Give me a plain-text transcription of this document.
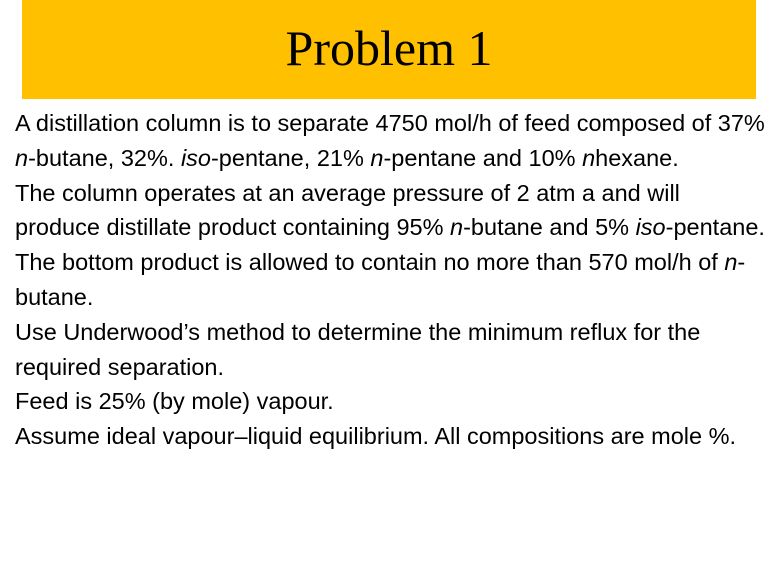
Problem 1

A distillation column is to separate 4750 mol/h of feed composed of 37% n-butane, 32%. iso-pentane, 21% n-pentane and 10% nhexane.

The column operates at an average pressure of 2 atm a and will produce distillate product containing 95% n-butane and 5% iso-pentane.

The bottom product is allowed to contain no more than 570 mol/h of n-butane.

Use Underwood’s method to determine the minimum reflux for the required separation.

Feed is 25% (by mole) vapour.

Assume ideal vapour–liquid equilibrium. All compositions are mole %.
